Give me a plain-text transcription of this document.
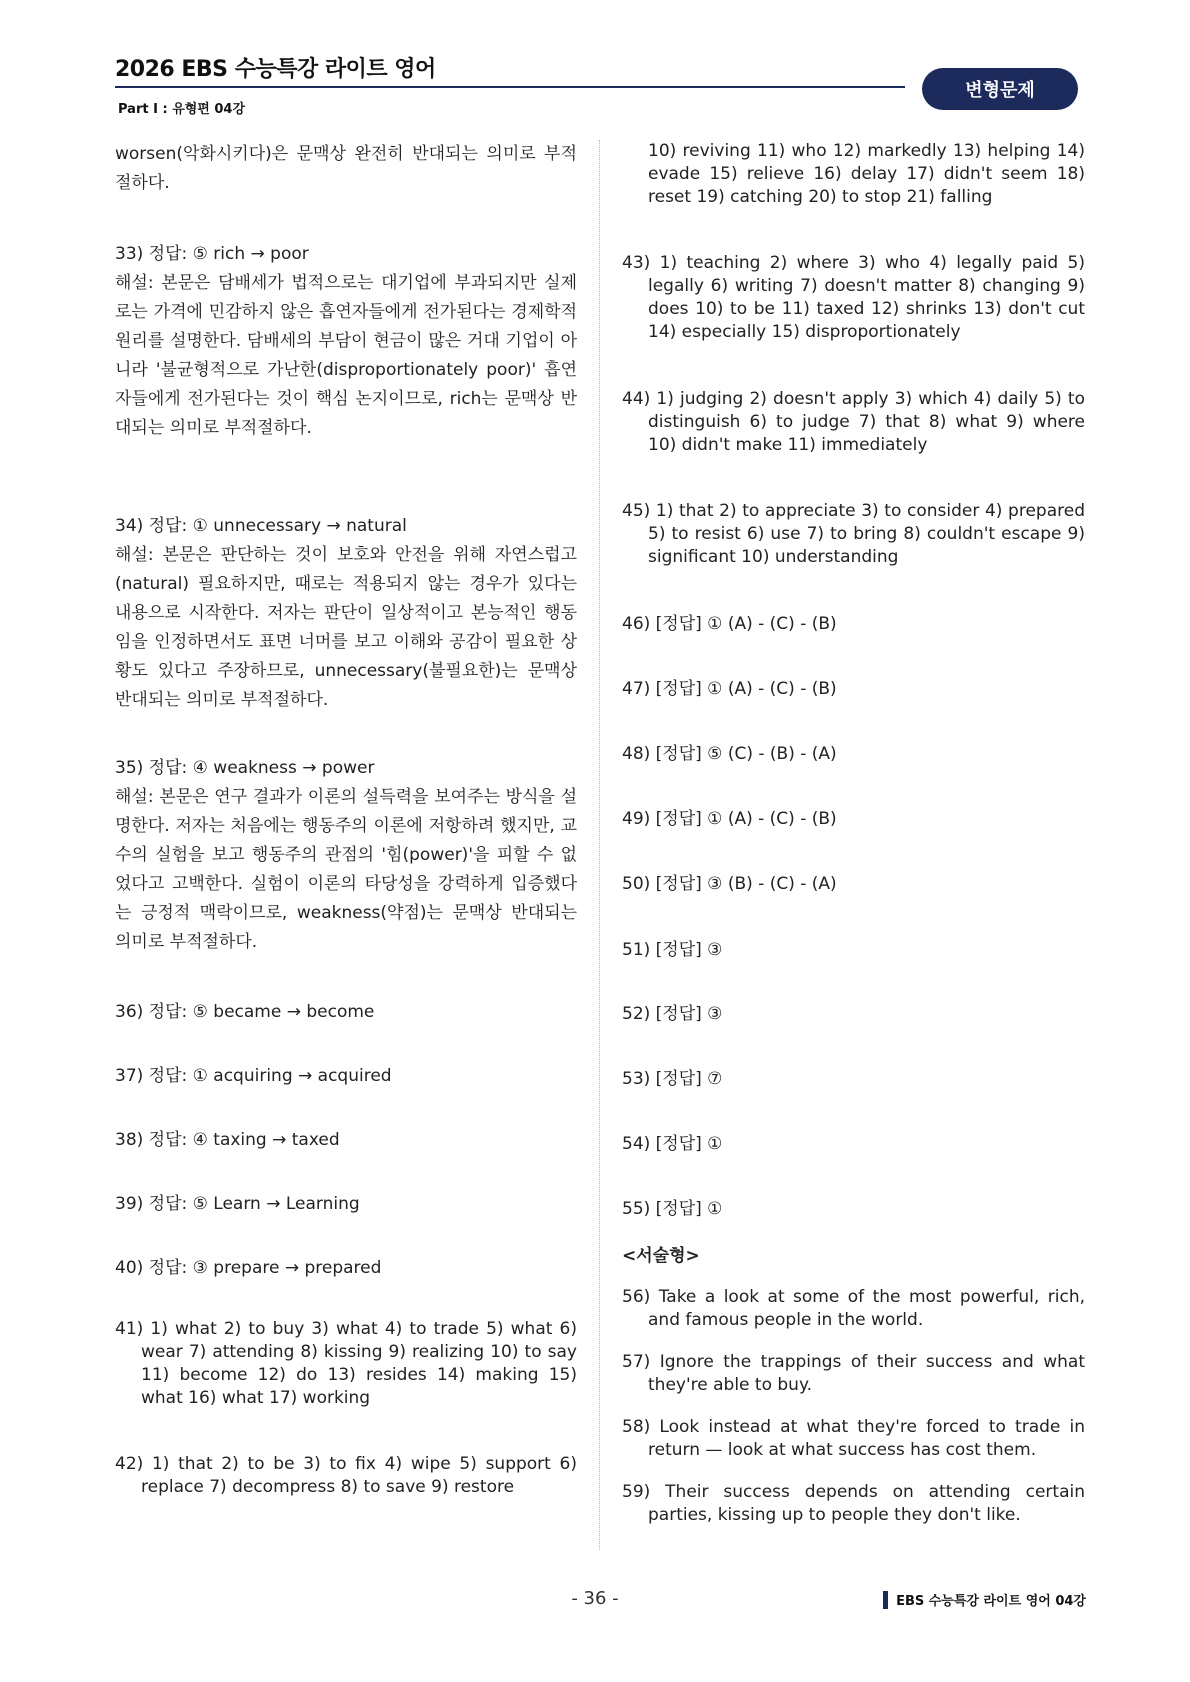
2026 EBS 수능특강 라이트 영어
Part Ⅰ : 유형편 04강
변형문제
worsen(악화시키다)은 문맥상 완전히 반대되는 의미로 부적절하다.
33) 정답: ⑤ rich → poor
해설: 본문은 담배세가 법적으로는 대기업에 부과되지만 실제로는 가격에 민감하지 않은 흡연자들에게 전가된다는 경제학적 원리를 설명한다. 담배세의 부담이 현금이 많은 거대 기업이 아니라 '불균형적으로 가난한(disproportionately poor)' 흡연자들에게 전가된다는 것이 핵심 논지이므로, rich는 문맥상 반대되는 의미로 부적절하다.
34) 정답: ① unnecessary → natural
해설: 본문은 판단하는 것이 보호와 안전을 위해 자연스럽고(natural) 필요하지만, 때로는 적용되지 않는 경우가 있다는 내용으로 시작한다. 저자는 판단이 일상적이고 본능적인 행동임을 인정하면서도 표면 너머를 보고 이해와 공감이 필요한 상황도 있다고 주장하므로, unnecessary(불필요한)는 문맥상 반대되는 의미로 부적절하다.
35) 정답: ④ weakness → power
해설: 본문은 연구 결과가 이론의 설득력을 보여주는 방식을 설명한다. 저자는 처음에는 행동주의 이론에 저항하려 했지만, 교수의 실험을 보고 행동주의 관점의 '힘(power)'을 피할 수 없었다고 고백한다. 실험이 이론의 타당성을 강력하게 입증했다는 긍정적 맥락이므로, weakness(약점)는 문맥상 반대되는 의미로 부적절하다.
36) 정답: ⑤ became → become
37) 정답: ① acquiring → acquired
38) 정답: ④ taxing → taxed
39) 정답: ⑤ Learn → Learning
40) 정답: ③ prepare → prepared
41) 1) what 2) to buy 3) what 4) to trade 5) what 6) wear 7) attending 8) kissing 9) realizing 10) to say 11) become 12) do 13) resides 14) making 15) what 16) what 17) working
42) 1) that 2) to be 3) to fix 4) wipe 5) support 6) replace 7) decompress 8) to save 9) restore
10) reviving 11) who 12) markedly 13) helping 14) evade 15) relieve 16) delay 17) didn't seem 18) reset 19) catching 20) to stop 21) falling
43) 1) teaching 2) where 3) who 4) legally paid 5) legally 6) writing 7) doesn't matter 8) changing 9) does 10) to be 11) taxed 12) shrinks 13) don't cut 14) especially 15) disproportionately
44) 1) judging 2) doesn't apply 3) which 4) daily 5) to distinguish 6) to judge 7) that 8) what 9) where 10) didn't make 11) immediately
45) 1) that 2) to appreciate 3) to consider 4) prepared 5) to resist 6) use 7) to bring 8) couldn't escape 9) significant 10) understanding
46) [정답] ① (A) - (C) - (B)
47) [정답] ① (A) - (C) - (B)
48) [정답] ⑤ (C) - (B) - (A)
49) [정답] ① (A) - (C) - (B)
50) [정답] ③ (B) - (C) - (A)
51) [정답] ③
52) [정답] ③
53) [정답] ⑦
54) [정답] ①
55) [정답] ①
<서술형>
56) Take a look at some of the most powerful, rich, and famous people in the world.
57) Ignore the trappings of their success and what they're able to buy.
58) Look instead at what they're forced to trade in return — look at what success has cost them.
59) Their success depends on attending certain parties, kissing up to people they don't like.
- 36 -	EBS 수능특강 라이트 영어 04강
